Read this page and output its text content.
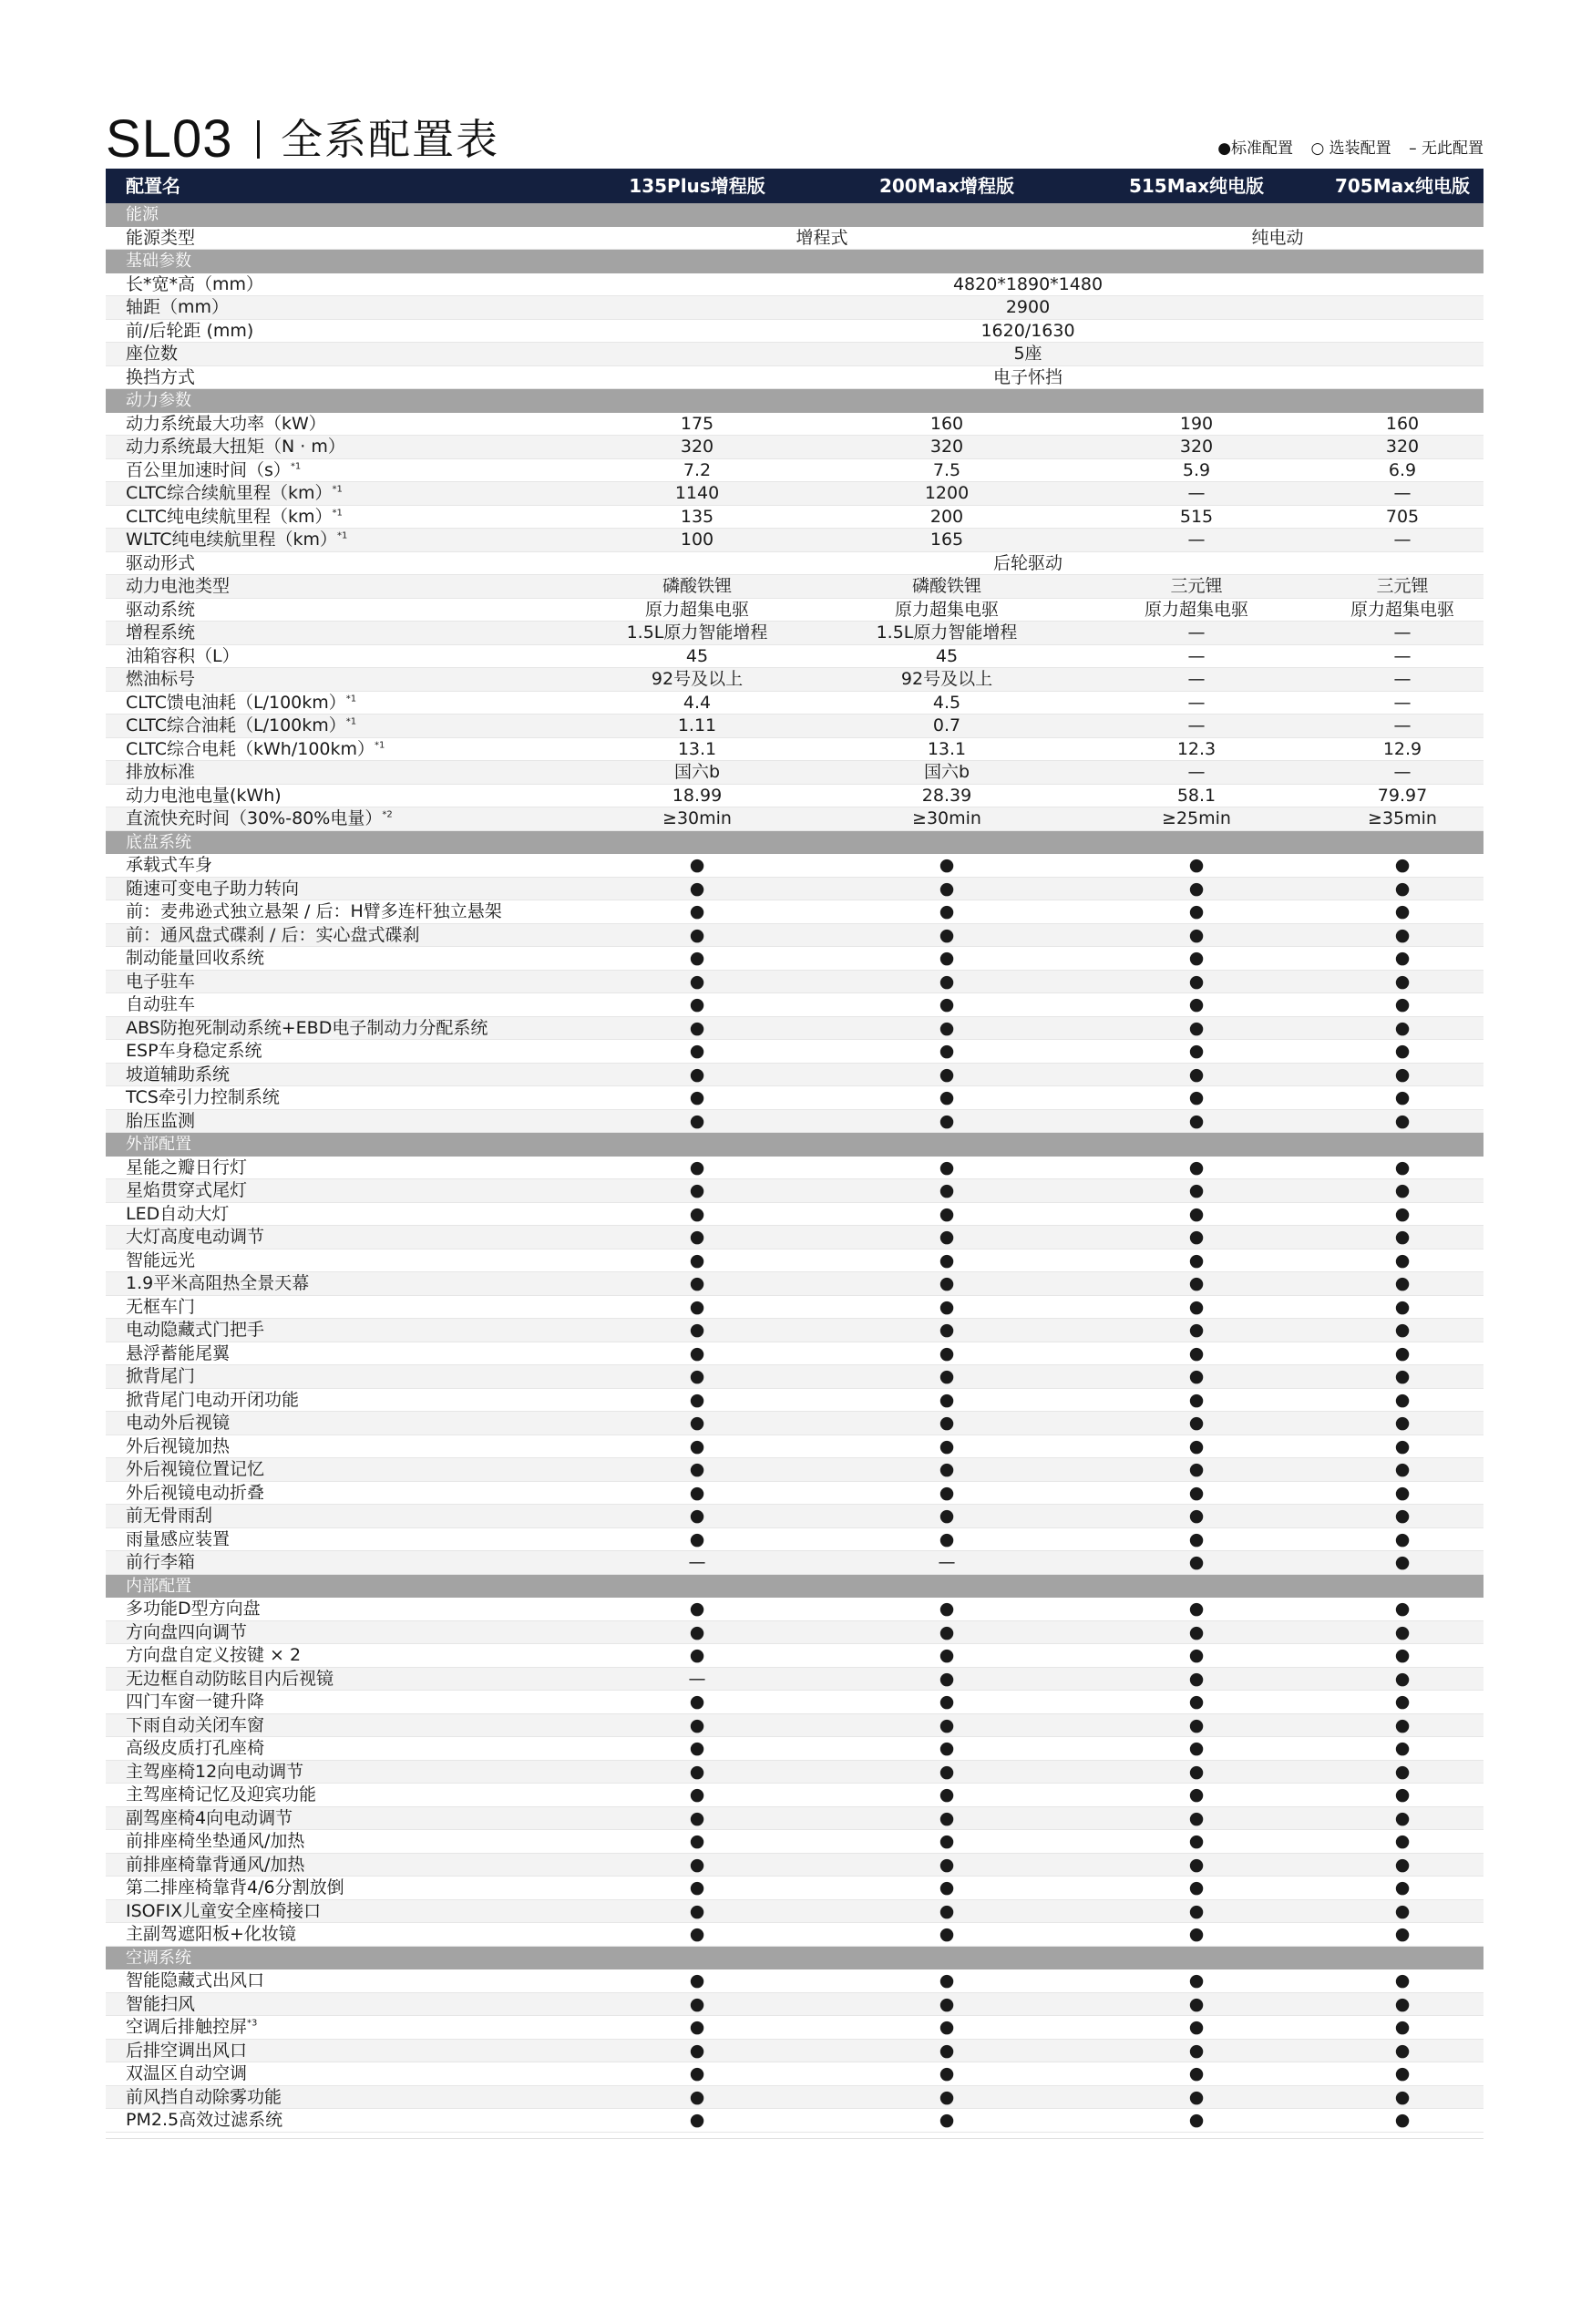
SL03 全系配置表	●标准配置 ○ 选装配置 – 无此配置
配置名	135Plus增程版	200Max增程版	515Max纯电版	705Max纯电版
能源
能源类型	增程式	纯电动
基础参数
长*宽*高（mm）	4820*1890*1480
轴距（mm）	2900
前/后轮距 (mm)	1620/1630
座位数	5座
换挡方式	电子怀挡
动力参数
动力系统最大功率（kW）	175	160	190	160
动力系统最大扭矩（N · m）	320	320	320	320
百公里加速时间$(s)^{*1}$	7.2	7.5	5.9	6.9
CLTC综合续航里程（km）$^{*1}$	1140	1200	—	—
CLTC纯电续航里程（km）$^{*1}$	135	200	515	705
WLTC纯电续航里程（km）$^{*1}$	100	165	—	—
驱动形式	后轮驱动
动力电池类型	磷酸铁锂	磷酸铁锂	三元锂	三元锂
驱动系统	原力超集电驱	原力超集电驱	原力超集电驱	原力超集电驱
增程系统	1.5L原力智能增程	1.5L原力智能增程	—	—
油箱容积（L）	45	45	—	—
燃油标号	92号及以上	92号及以上	—	—
CLTC馈电油耗$(L/100km)^{*1}$	4.4	4.5	—	—
CLTC综合油耗$(L/100km)^{*1}$	1.11	0.7	—	—
CLTC综合电耗$(kWh/100km)^{*1}$	13.1	13.1	12.3	12.9
排放标准	国六b	国六b	—	—
动力电池电量(kWh)	18.99	28.39	58.1	79.97
直流快充时间（30%-80%电量）$^{*2}$	≥30min	≥30min	≥25min	≥35min
底盘系统
承载式车身	●	●	●	●
随速可变电子助力转向	●	●	●	●
前：麦弗逊式独立悬架 / 后：H臂多连杆独立悬架	●	●	●	●
前：通风盘式碟刹 / 后：实心盘式碟刹	●	●	●	●
制动能量回收系统	●	●	●	●
电子驻车	●	●	●	●
自动驻车	●	●	●	●
ABS防抱死制动系统+EBD电子制动力分配系统	●	●	●	●
ESP车身稳定系统	●	●	●	●
坡道辅助系统	●	●	●	●
TCS牵引力控制系统	●	●	●	●
胎压监测	●	●	●	●
外部配置
星能之瓣日行灯	●	●	●	●
星焰贯穿式尾灯	●	●	●	●
LED自动大灯	●	●	●	●
大灯高度电动调节	●	●	●	●
智能远光	●	●	●	●
1.9平米高阻热全景天幕	●	●	●	●
无框车门	●	●	●	●
电动隐藏式门把手	●	●	●	●
悬浮蓄能尾翼	●	●	●	●
掀背尾门	●	●	●	●
掀背尾门电动开闭功能	●	●	●	●
电动外后视镜	●	●	●	●
外后视镜加热	●	●	●	●
外后视镜位置记忆	●	●	●	●
外后视镜电动折叠	●	●	●	●
前无骨雨刮	●	●	●	●
雨量感应装置	●	●	●	●
前行李箱	—	—	●	●
内部配置
多功能D型方向盘	●	●	●	●
方向盘四向调节	●	●	●	●
方向盘自定义按键 × 2	●	●	●	●
无边框自动防眩目内后视镜	—	●	●	●
四门车窗一键升降	●	●	●	●
下雨自动关闭车窗	●	●	●	●
高级皮质打孔座椅	●	●	●	●
主驾座椅12向电动调节	●	●	●	●
主驾座椅记忆及迎宾功能	●	●	●	●
副驾座椅4向电动调节	●	●	●	●
前排座椅坐垫通风/加热	●	●	●	●
前排座椅靠背通风/加热	●	●	●	●
第二排座椅靠背4/6分割放倒	●	●	●	●
ISOFIX儿童安全座椅接口	●	●	●	●
主副驾遮阳板+化妆镜	●	●	●	●
空调系统
智能隐藏式出风口	●	●	●	●
智能扫风	●	●	●	●
空调后排触控屏$^{*3}$	●	●	●	●
后排空调出风口	●	●	●	●
双温区自动空调	●	●	●	●
前风挡自动除雾功能	●	●	●	●
PM2.5高效过滤系统	●	●	●	●
